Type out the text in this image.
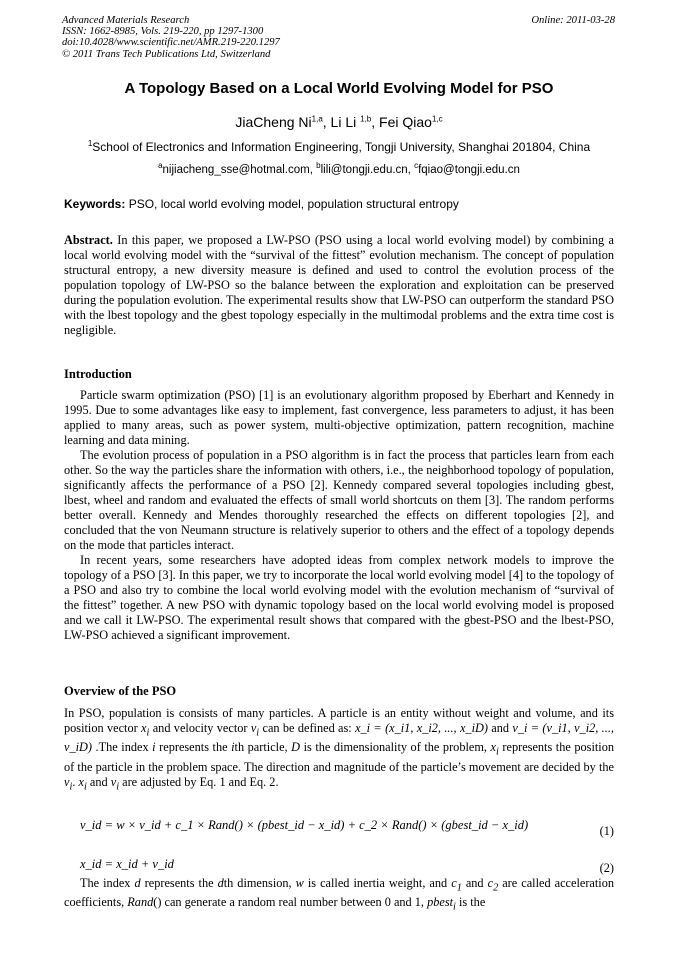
Advanced Materials Research
ISSN: 1662-8985, Vols. 219-220, pp 1297-1300
doi:10.4028/www.scientific.net/AMR.219-220.1297
© 2011 Trans Tech Publications Ltd, Switzerland
Online: 2011-03-28
A Topology Based on a Local World Evolving Model for PSO
JiaCheng Ni$^{1,a}$, Li Li $^{1,b}$, Fei Qiao$^{1,c}$
$^1$School of Electronics and Information Engineering, Tongji University, Shanghai 201804, China
$^a$nijiacheng_sse@hotmal.com, $^b$lili@tongji.edu.cn, $^c$fqiao@tongji.edu.cn
Keywords: PSO, local world evolving model, population structural entropy

Abstract. In this paper, we proposed a LW-PSO (PSO using a local world evolving model) by combining a local world evolving model with the “survival of the fittest” evolution mechanism. The concept of population structural entropy, a new diversity measure is defined and used to control the evolution process of the population topology of LW-PSO so the balance between the exploration and exploitation can be preserved during the population evolution. The experimental results show that LW-PSO can outperform the standard PSO with the lbest topology and the gbest topology especially in the multimodal problems and the extra time cost is negligible.

Introduction

Particle swarm optimization (PSO) [1] is an evolutionary algorithm proposed by Eberhart and Kennedy in 1995. Due to some advantages like easy to implement, fast convergence, less parameters to adjust, it has been applied to many areas, such as power system, multi-objective optimization, pattern recognition, machine learning and data mining.

The evolution process of population in a PSO algorithm is in fact the process that particles learn from each other. So the way the particles share the information with others, i.e., the neighborhood topology of population, significantly affects the performance of a PSO [2]. Kennedy compared several topologies including gbest, lbest, wheel and random and evaluated the effects of small world shortcuts on them [3]. The random performs better overall. Kennedy and Mendes thoroughly researched the effects on different topologies [2], and concluded that the von Neumann structure is relatively superior to others and the effect of a topology depends on the mode that particles interact.

In recent years, some researchers have adopted ideas from complex network models to improve the topology of a PSO [3]. In this paper, we try to incorporate the local world evolving model [4] to the topology of a PSO and also try to combine the local world evolving model with the evolution mechanism of “survival of the fittest” together. A new PSO with dynamic topology based on the local world evolving model is proposed and we call it LW-PSO. The experimental result shows that compared with the gbest-PSO and the lbest-PSO, LW-PSO achieved a significant improvement.

Overview of the PSO

In PSO, population is consists of many particles. A particle is an entity without weight and volume, and its position vector $x_i$ and velocity vector $v_i$ can be defined as: x_i = (x_i1, x_i2, ..., x_iD) and v_i = (v_i1, v_i2, ..., v_iD) .The index i represents the ith particle, D is the dimensionality of the problem, $x_i$ represents the position of the particle in the problem space. The direction and magnitude of the particle’s movement are decided by the $v_i$. $x_i$ and $v_i$ are adjusted by Eq. 1 and Eq. 2.

v_id = w × v_id + c_1 × Rand() × (pbest_id − x_id) + c_2 × Rand() × (gbest_id − x_id)	(1)
x_id = x_id + v_id	(2)
The index d represents the dth dimension, w is called inertia weight, and $c_1$ and $c_2$ are called acceleration coefficients, Rand() can generate a random real number between 0 and 1, pbest$_i$ is the
